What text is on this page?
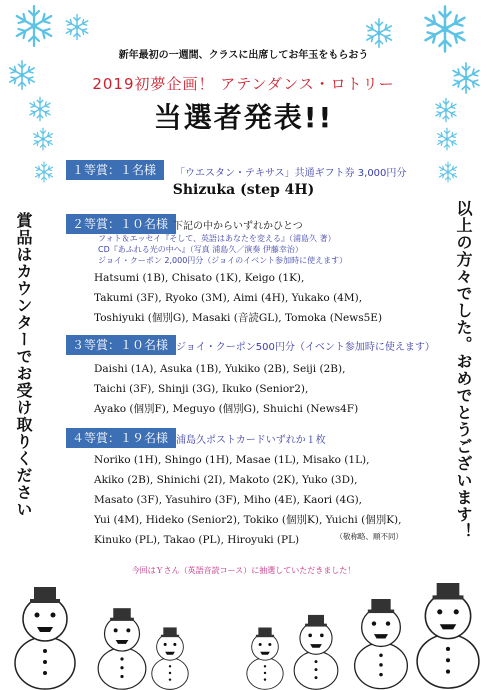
新年最初の一週間、クラスに出席してお年玉をもらおう
2019初夢企画！ アテンダンス・ロトリー
当選者発表!!
賞品はカウンターでお受け取りください	以上の方々でした。おめでとうございます！
１等賞：１名様	「ウエスタン・テキサス」共通ギフト券 3,000円分
Shizuka (step 4H)
２等賞：１０名様 下記の中からいずれかひとつ
フォト＆エッセイ『そして、英語はあなたを変える』（浦島久 著）
CD『あふれる光の中へ』（写真 浦島久／演奏 伊藤幸治）
ジョイ・クーポン 2,000円分（ジョイのイベント参加時に使えます）
Hatsumi (1B), Chisato (1K), Keigo (1K),
Takumi (3F), Ryoko (3M), Aimi (4H), Yukako (4M),
Toshiyuki (個別G), Masaki (音読GL), Tomoka (News5E)
３等賞：１０名様 ジョイ・クーポン500円分（イベント参加時に使えます）
Daishi (1A), Asuka (1B), Yukiko (2B), Seiji (2B),
Taichi (3F), Shinji (3G), Ikuko (Senior2),
Ayako (個別F), Meguyo (個別G), Shuichi (News4F)
４等賞：１９名様 浦島久ポストカードいずれか１枚
Noriko (1H), Shingo (1H), Masae (1L), Misako (1L),
Akiko (2B), Shinichi (2I), Makoto (2K), Yuko (3D),
Masato (3F), Yasuhiro (3F), Miho (4E), Kaori (4G),
Yui (4M), Hideko (Senior2), Tokiko (個別K), Yuichi (個別K),
Kinuko (PL), Takao (PL), Hiroyuki (PL)	（敬称略、順不同）
今回はＹさん（英語音読コース）に抽選していただきました！
